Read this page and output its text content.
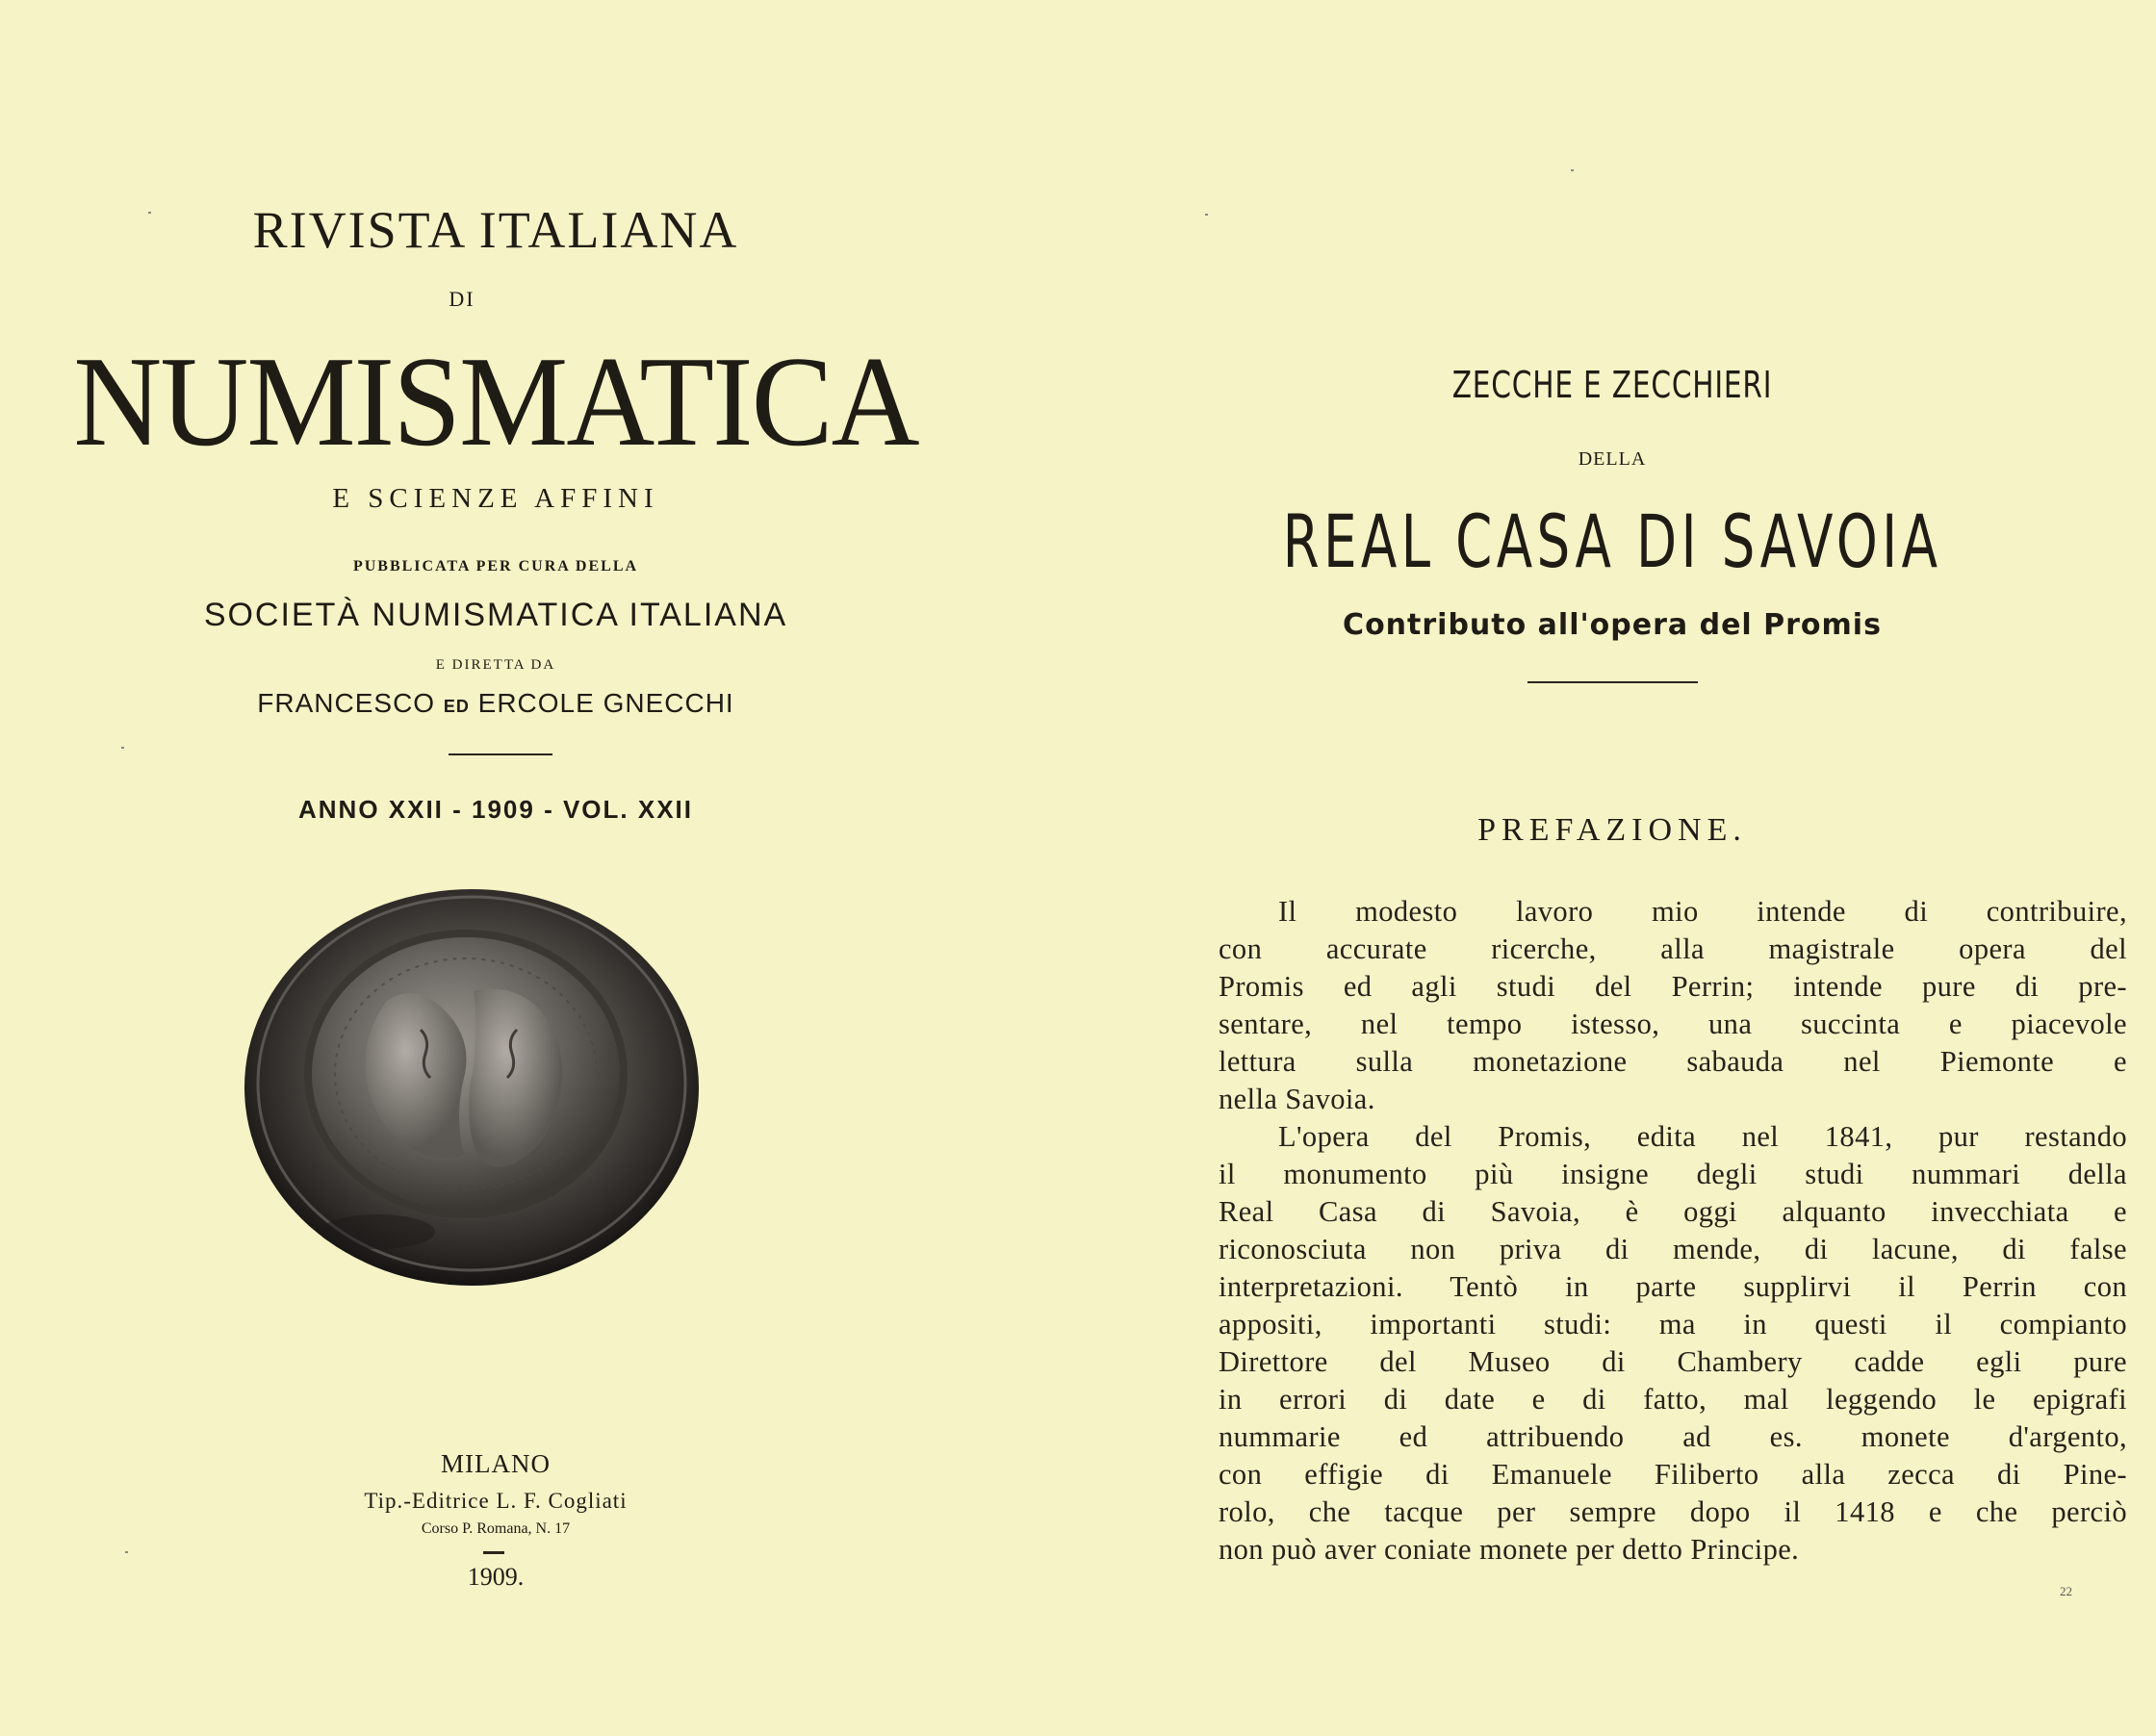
RIVISTA ITALIANA
DI
NUMISMATICA
E SCIENZE AFFINI
PUBBLICATA PER CURA DELLA
SOCIETÀ NUMISMATICA ITALIANA
E DIRETTA DA
FRANCESCO ED ERCOLE GNECCHI
ANNO XXII - 1909 - VOL. XXII
MILANO
Tip.-Editrice L. F. Cogliati
Corso P. Romana, N. 17
1909.
ZECCHE E ZECCHIERI
DELLA
REAL CASA DI SAVOIA
Contributo all'opera del Promis
PREFAZIONE.
Il modesto lavoro mio intende di contribuire,
con accurate ricerche, alla magistrale opera del
Promis ed agli studi del Perrin; intende pure di pre-
sentare, nel tempo istesso, una succinta e piacevole
lettura sulla monetazione sabauda nel Piemonte e
nella Savoia.
L'opera del Promis, edita nel 1841, pur restando
il monumento più insigne degli studi nummari della
Real Casa di Savoia, è oggi alquanto invecchiata e
riconosciuta non priva di mende, di lacune, di false
interpretazioni. Tentò in parte supplirvi il Perrin con
appositi, importanti studi: ma in questi il compianto
Direttore del Museo di Chambery cadde egli pure
in errori di date e di fatto, mal leggendo le epigrafi
nummarie ed attribuendo ad es. monete d'argento,
con effigie di Emanuele Filiberto alla zecca di Pine-
rolo, che tacque per sempre dopo il 1418 e che perciò
non può aver coniate monete per detto Principe.
22
